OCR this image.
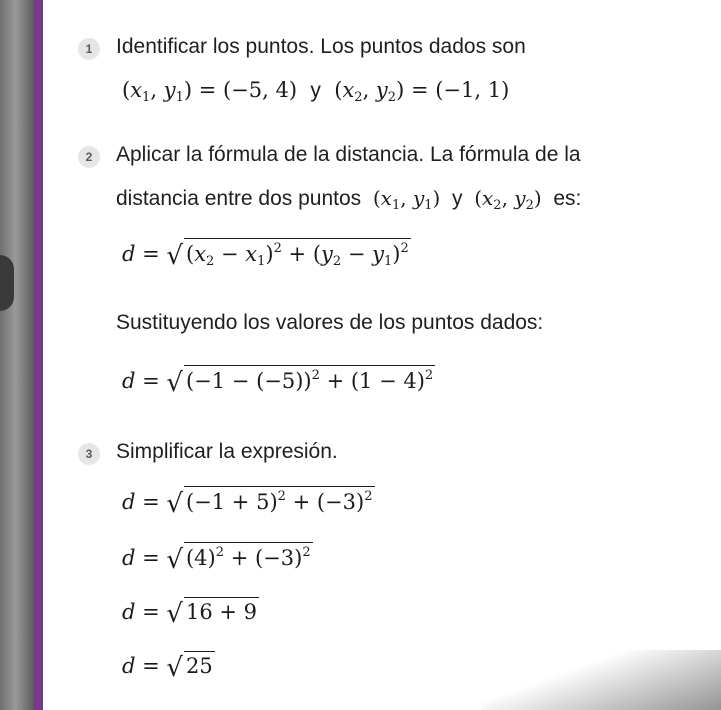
1	Identificar los puntos. Los puntos dados son
($x_1$, $y_1) = (-5$, 4)  y  ($x_2$, $y_2) = (-1$, 1)
2	Aplicar la fórmula de la distancia. La fórmula de la
distancia entre dos puntos ($x_1$, $y_1$) y ($x_2$, $y_2$) es:
d = √ $(x_2 - x_1)^2 + (y_2 - y_1)^2$
Sustituyendo los valores de los puntos dados:
d = √ $(-1 - (-5))^2 + (1 - 4)^2$
3	Simplificar la expresión.
d = √ $(-1 + 5)^2 + (-3)^2$
d = √ $(4)^2 + (-3)^2$
d = √ 16 + 9
d = √ 25
